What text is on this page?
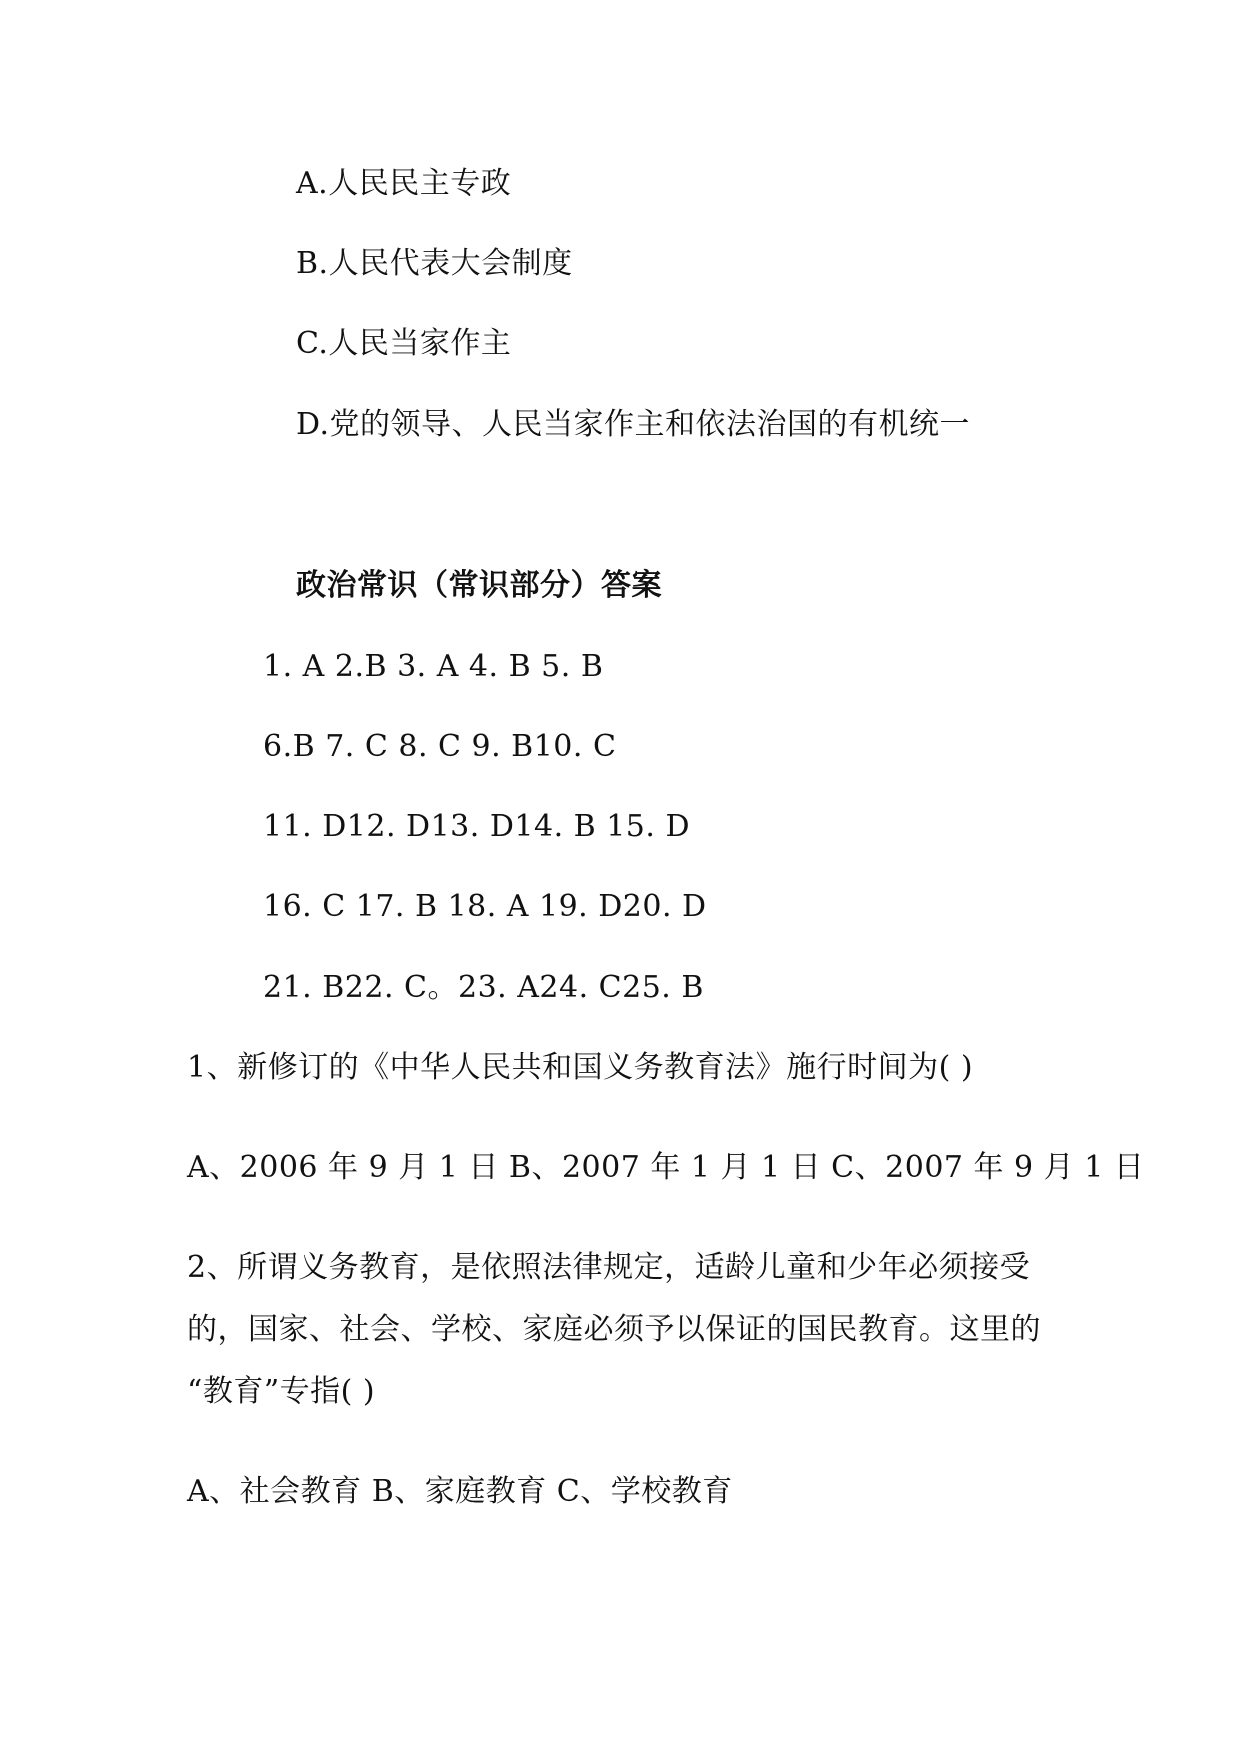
A.人民民主专政
B.人民代表大会制度
C.人民当家作主
D.党的领导、人民当家作主和依法治国的有机统一
政治常识（常识部分）答案
1. A 2.B 3. A 4. B 5. B
6.B 7. C 8. C 9. B10. C
11. D12. D13. D14. B 15. D
16. C 17. B 18. A 19. D20. D
21. B22. C。23. A24. C25. B
1、新修订的《中华人民共和国义务教育法》施行时间为( )
A、2006 年 9 月 1 日 B、2007 年 1 月 1 日 C、2007 年 9 月 1 日
2、所谓义务教育，是依照法律规定，适龄儿童和少年必须接受
的，国家、社会、学校、家庭必须予以保证的国民教育。这里的
“教育”专指( )
A、社会教育 B、家庭教育 C、学校教育
